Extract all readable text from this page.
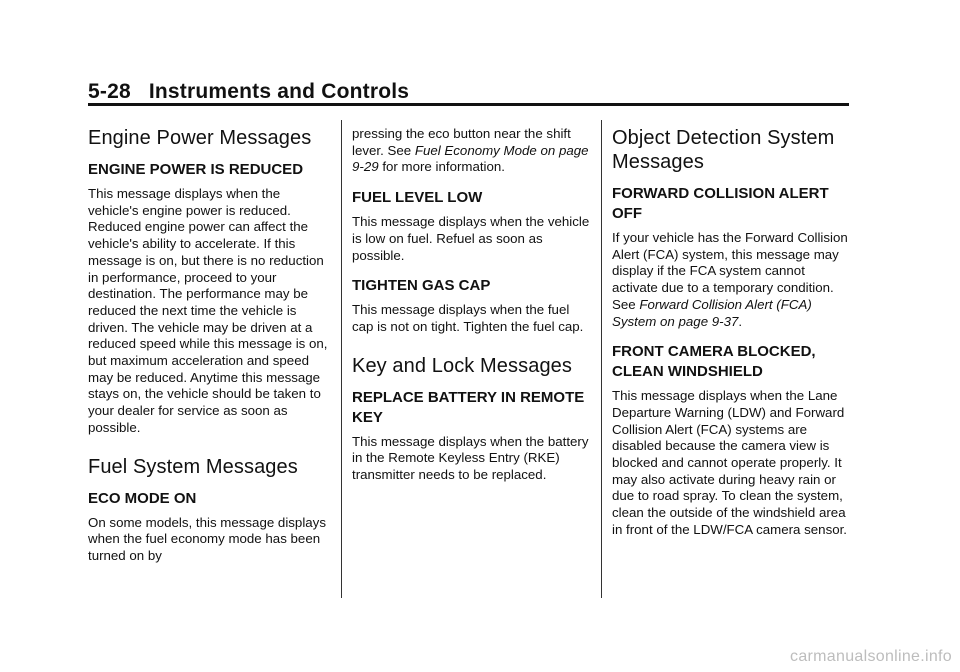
5-28 Instruments and Controls
Engine Power Messages
ENGINE POWER IS REDUCED

This message displays when the vehicle's engine power is reduced. Reduced engine power can affect the vehicle's ability to accelerate. If this message is on, but there is no reduction in performance, proceed to your destination. The performance may be reduced the next time the vehicle is driven. The vehicle may be driven at a reduced speed while this message is on, but maximum acceleration and speed may be reduced. Anytime this message stays on, the vehicle should be taken to your dealer for service as soon as possible.

Fuel System Messages
ECO MODE ON

On some models, this message displays when the fuel economy mode has been turned on by

pressing the eco button near the shift lever. See Fuel Economy Mode on page 9-29 for more information.

FUEL LEVEL LOW

This message displays when the vehicle is low on fuel. Refuel as soon as possible.

TIGHTEN GAS CAP

This message displays when the fuel cap is not on tight. Tighten the fuel cap.

Key and Lock Messages
REPLACE BATTERY IN REMOTE KEY

This message displays when the battery in the Remote Keyless Entry (RKE) transmitter needs to be replaced.

Object Detection System Messages
FORWARD COLLISION ALERT OFF

If your vehicle has the Forward Collision Alert (FCA) system, this message may display if the FCA system cannot activate due to a temporary condition. See Forward Collision Alert (FCA) System on page 9-37.

FRONT CAMERA BLOCKED, CLEAN WINDSHIELD

This message displays when the Lane Departure Warning (LDW) and Forward Collision Alert (FCA) systems are disabled because the camera view is blocked and cannot operate properly. It may also activate during heavy rain or due to road spray. To clean the system, clean the outside of the windshield area in front of the LDW/FCA camera sensor.

carmanualsonline.info
